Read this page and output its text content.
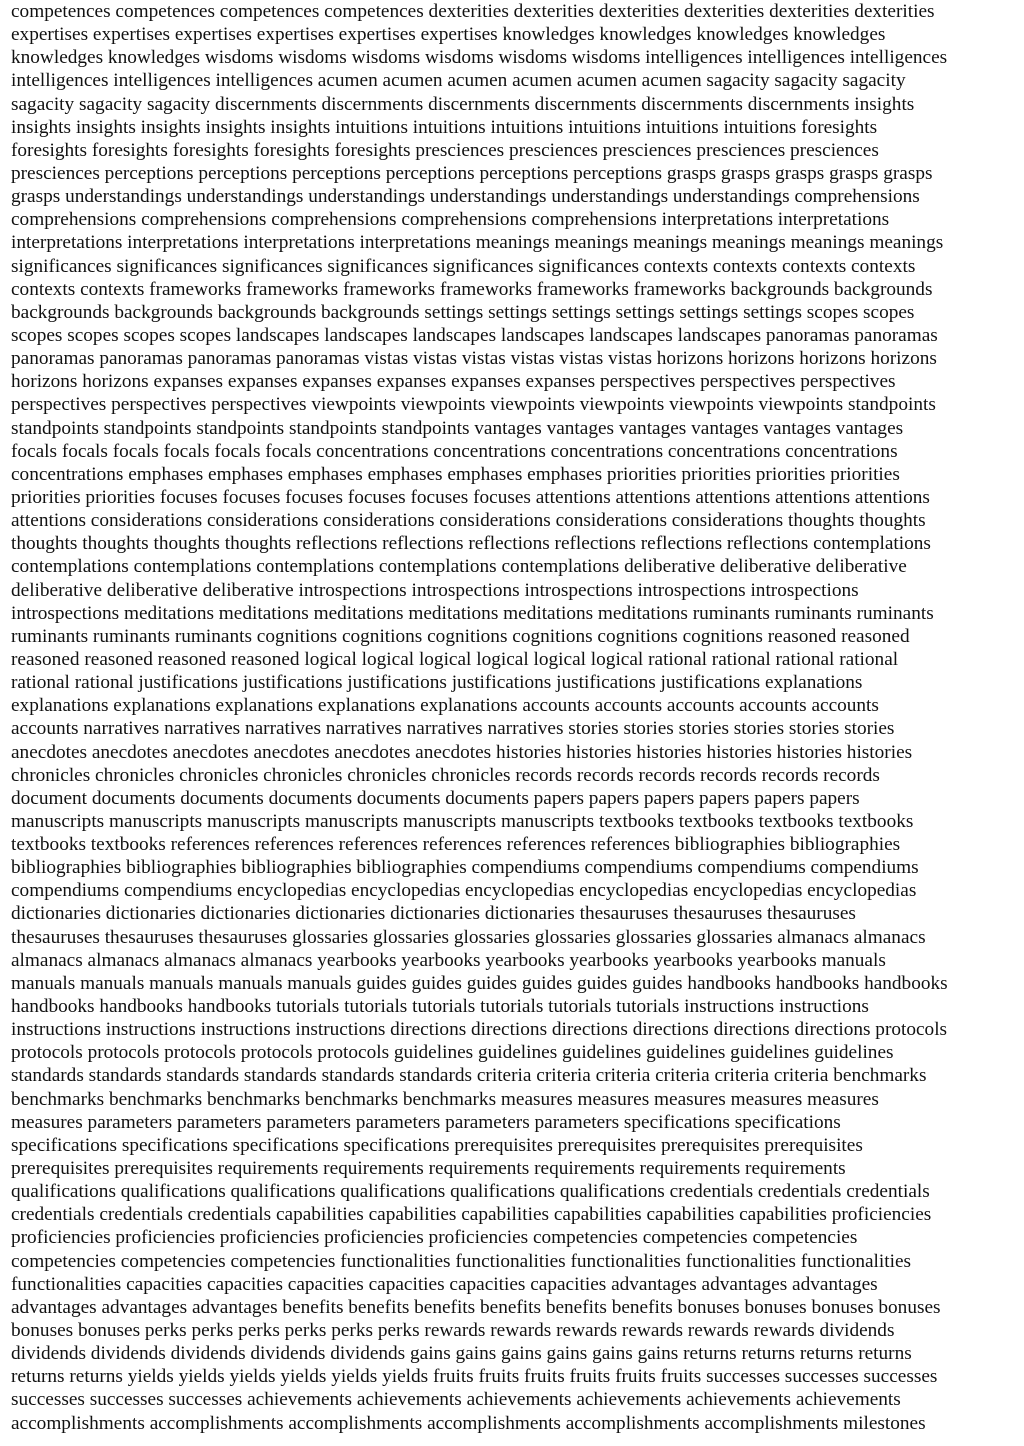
competences competences competences competences dexterities dexterities dexterities dexterities dexterities dexterities
expertises expertises expertises expertises expertises expertises knowledges knowledges knowledges knowledges
knowledges knowledges wisdoms wisdoms wisdoms wisdoms wisdoms wisdoms intelligences intelligences intelligences
intelligences intelligences intelligences acumen acumen acumen acumen acumen acumen sagacity sagacity sagacity
sagacity sagacity sagacity discernments discernments discernments discernments discernments discernments insights
insights insights insights insights insights intuitions intuitions intuitions intuitions intuitions intuitions foresights
foresights foresights foresights foresights foresights presciences presciences presciences presciences presciences
presciences perceptions perceptions perceptions perceptions perceptions perceptions grasps grasps grasps grasps grasps
grasps understandings understandings understandings understandings understandings understandings comprehensions
comprehensions comprehensions comprehensions comprehensions comprehensions interpretations interpretations
interpretations interpretations interpretations interpretations meanings meanings meanings meanings meanings meanings
significances significances significances significances significances significances contexts contexts contexts contexts
contexts contexts frameworks frameworks frameworks frameworks frameworks frameworks backgrounds backgrounds
backgrounds backgrounds backgrounds backgrounds settings settings settings settings settings settings scopes scopes
scopes scopes scopes scopes landscapes landscapes landscapes landscapes landscapes landscapes panoramas panoramas
panoramas panoramas panoramas panoramas vistas vistas vistas vistas vistas vistas horizons horizons horizons horizons
horizons horizons expanses expanses expanses expanses expanses expanses perspectives perspectives perspectives
perspectives perspectives perspectives viewpoints viewpoints viewpoints viewpoints viewpoints viewpoints standpoints
standpoints standpoints standpoints standpoints standpoints vantages vantages vantages vantages vantages vantages
focals focals focals focals focals focals concentrations concentrations concentrations concentrations concentrations
concentrations emphases emphases emphases emphases emphases emphases priorities priorities priorities priorities
priorities priorities focuses focuses focuses focuses focuses focuses attentions attentions attentions attentions attentions
attentions considerations considerations considerations considerations considerations considerations thoughts thoughts
thoughts thoughts thoughts thoughts reflections reflections reflections reflections reflections reflections contemplations
contemplations contemplations contemplations contemplations contemplations deliberative deliberative deliberative
deliberative deliberative deliberative introspections introspections introspections introspections introspections
introspections meditations meditations meditations meditations meditations meditations ruminants ruminants ruminants
ruminants ruminants ruminants cognitions cognitions cognitions cognitions cognitions cognitions reasoned reasoned
reasoned reasoned reasoned reasoned logical logical logical logical logical logical rational rational rational rational
rational rational justifications justifications justifications justifications justifications justifications explanations
explanations explanations explanations explanations explanations accounts accounts accounts accounts accounts
accounts narratives narratives narratives narratives narratives narratives stories stories stories stories stories stories
anecdotes anecdotes anecdotes anecdotes anecdotes anecdotes histories histories histories histories histories histories
chronicles chronicles chronicles chronicles chronicles chronicles records records records records records records
document documents documents documents documents documents papers papers papers papers papers papers
manuscripts manuscripts manuscripts manuscripts manuscripts manuscripts textbooks textbooks textbooks textbooks
textbooks textbooks references references references references references references bibliographies bibliographies
bibliographies bibliographies bibliographies bibliographies compendiums compendiums compendiums compendiums
compendiums compendiums encyclopedias encyclopedias encyclopedias encyclopedias encyclopedias encyclopedias
dictionaries dictionaries dictionaries dictionaries dictionaries dictionaries thesauruses thesauruses thesauruses
thesauruses thesauruses thesauruses glossaries glossaries glossaries glossaries glossaries glossaries almanacs almanacs
almanacs almanacs almanacs almanacs yearbooks yearbooks yearbooks yearbooks yearbooks yearbooks manuals
manuals manuals manuals manuals manuals guides guides guides guides guides guides handbooks handbooks handbooks
handbooks handbooks handbooks tutorials tutorials tutorials tutorials tutorials tutorials instructions instructions
instructions instructions instructions instructions directions directions directions directions directions directions protocols
protocols protocols protocols protocols protocols guidelines guidelines guidelines guidelines guidelines guidelines
standards standards standards standards standards standards criteria criteria criteria criteria criteria criteria benchmarks
benchmarks benchmarks benchmarks benchmarks benchmarks measures measures measures measures measures
measures parameters parameters parameters parameters parameters parameters specifications specifications
specifications specifications specifications specifications prerequisites prerequisites prerequisites prerequisites
prerequisites prerequisites requirements requirements requirements requirements requirements requirements
qualifications qualifications qualifications qualifications qualifications qualifications credentials credentials credentials
credentials credentials credentials capabilities capabilities capabilities capabilities capabilities capabilities proficiencies
proficiencies proficiencies proficiencies proficiencies proficiencies competencies competencies competencies
competencies competencies competencies functionalities functionalities functionalities functionalities functionalities
functionalities capacities capacities capacities capacities capacities capacities advantages advantages advantages
advantages advantages advantages benefits benefits benefits benefits benefits benefits bonuses bonuses bonuses bonuses
bonuses bonuses perks perks perks perks perks perks rewards rewards rewards rewards rewards rewards dividends
dividends dividends dividends dividends dividends gains gains gains gains gains gains returns returns returns returns
returns returns yields yields yields yields yields yields fruits fruits fruits fruits fruits fruits successes successes successes
successes successes successes achievements achievements achievements achievements achievements achievements
accomplishments accomplishments accomplishments accomplishments accomplishments accomplishments milestones
